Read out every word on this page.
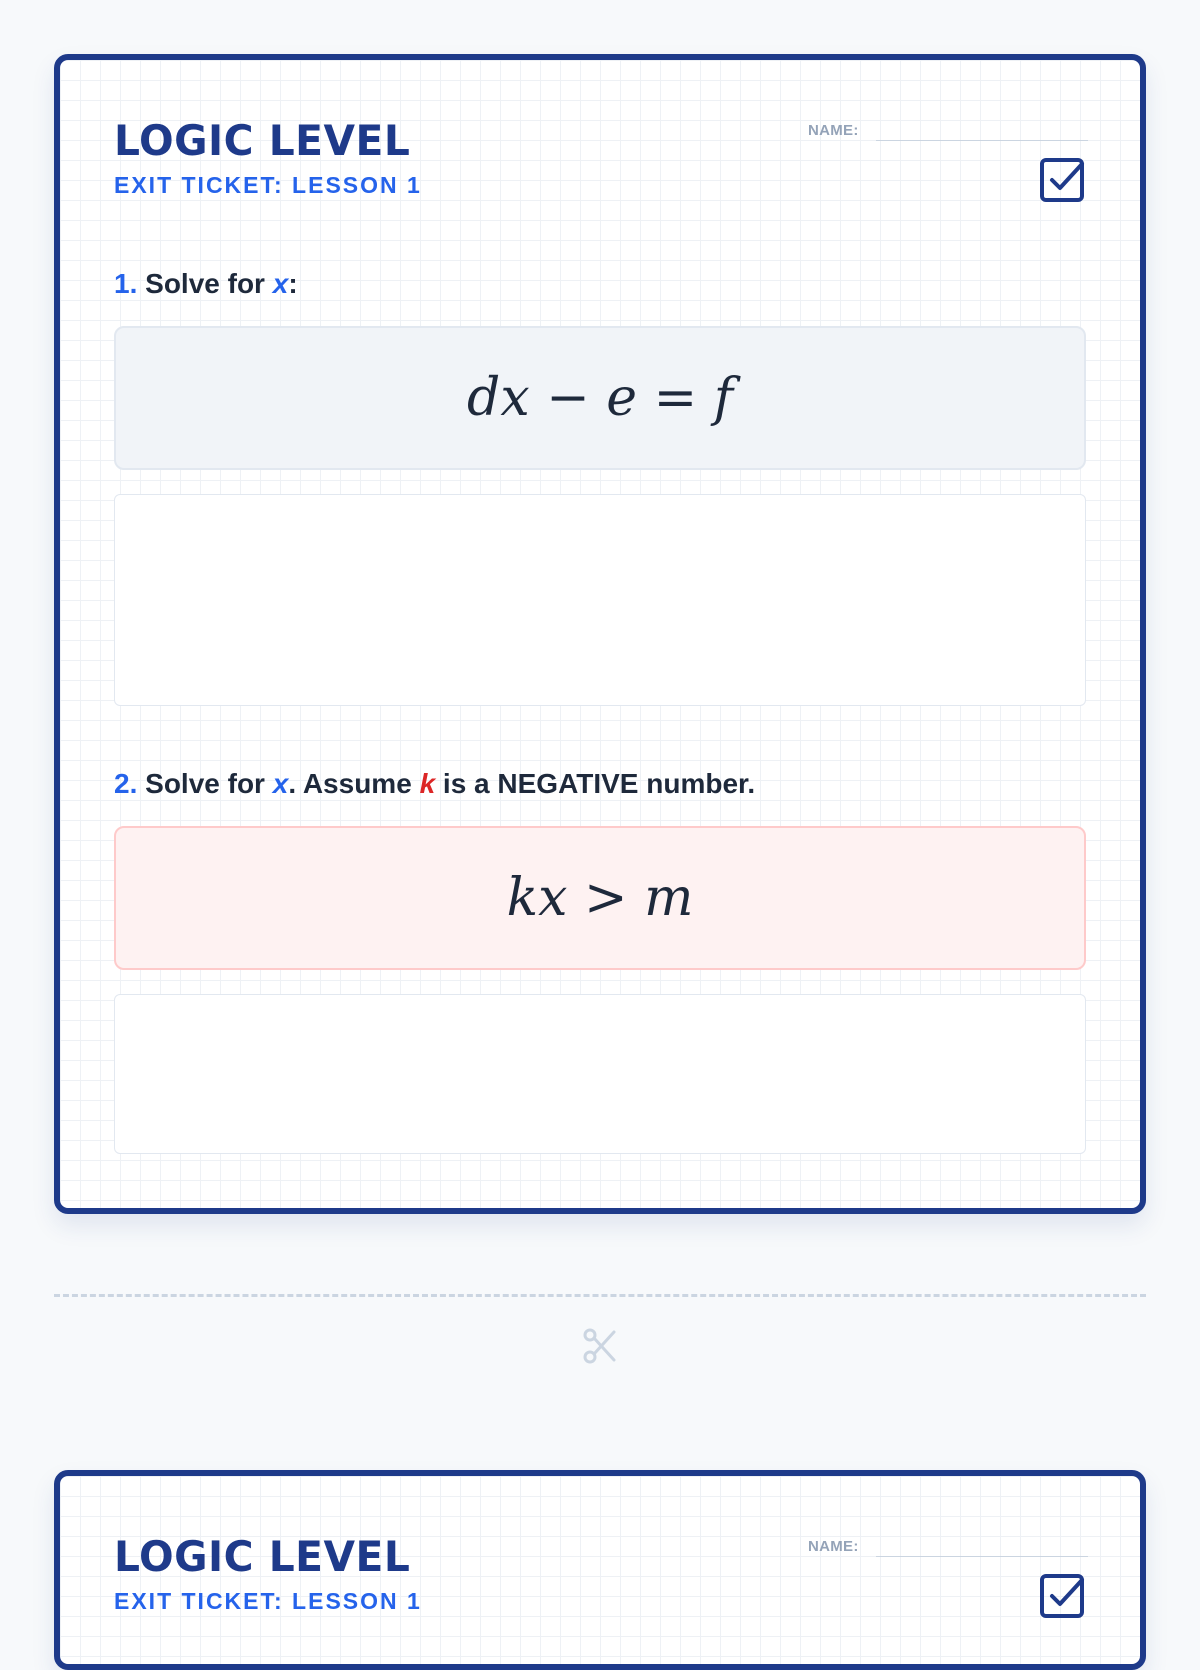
LOGIC LEVEL
EXIT TICKET: LESSON 1
NAME:
1. Solve for x:
dx − e = f
2. Solve for x. Assume k is a NEGATIVE number.
kx > m
LOGIC LEVEL
EXIT TICKET: LESSON 1
NAME:
